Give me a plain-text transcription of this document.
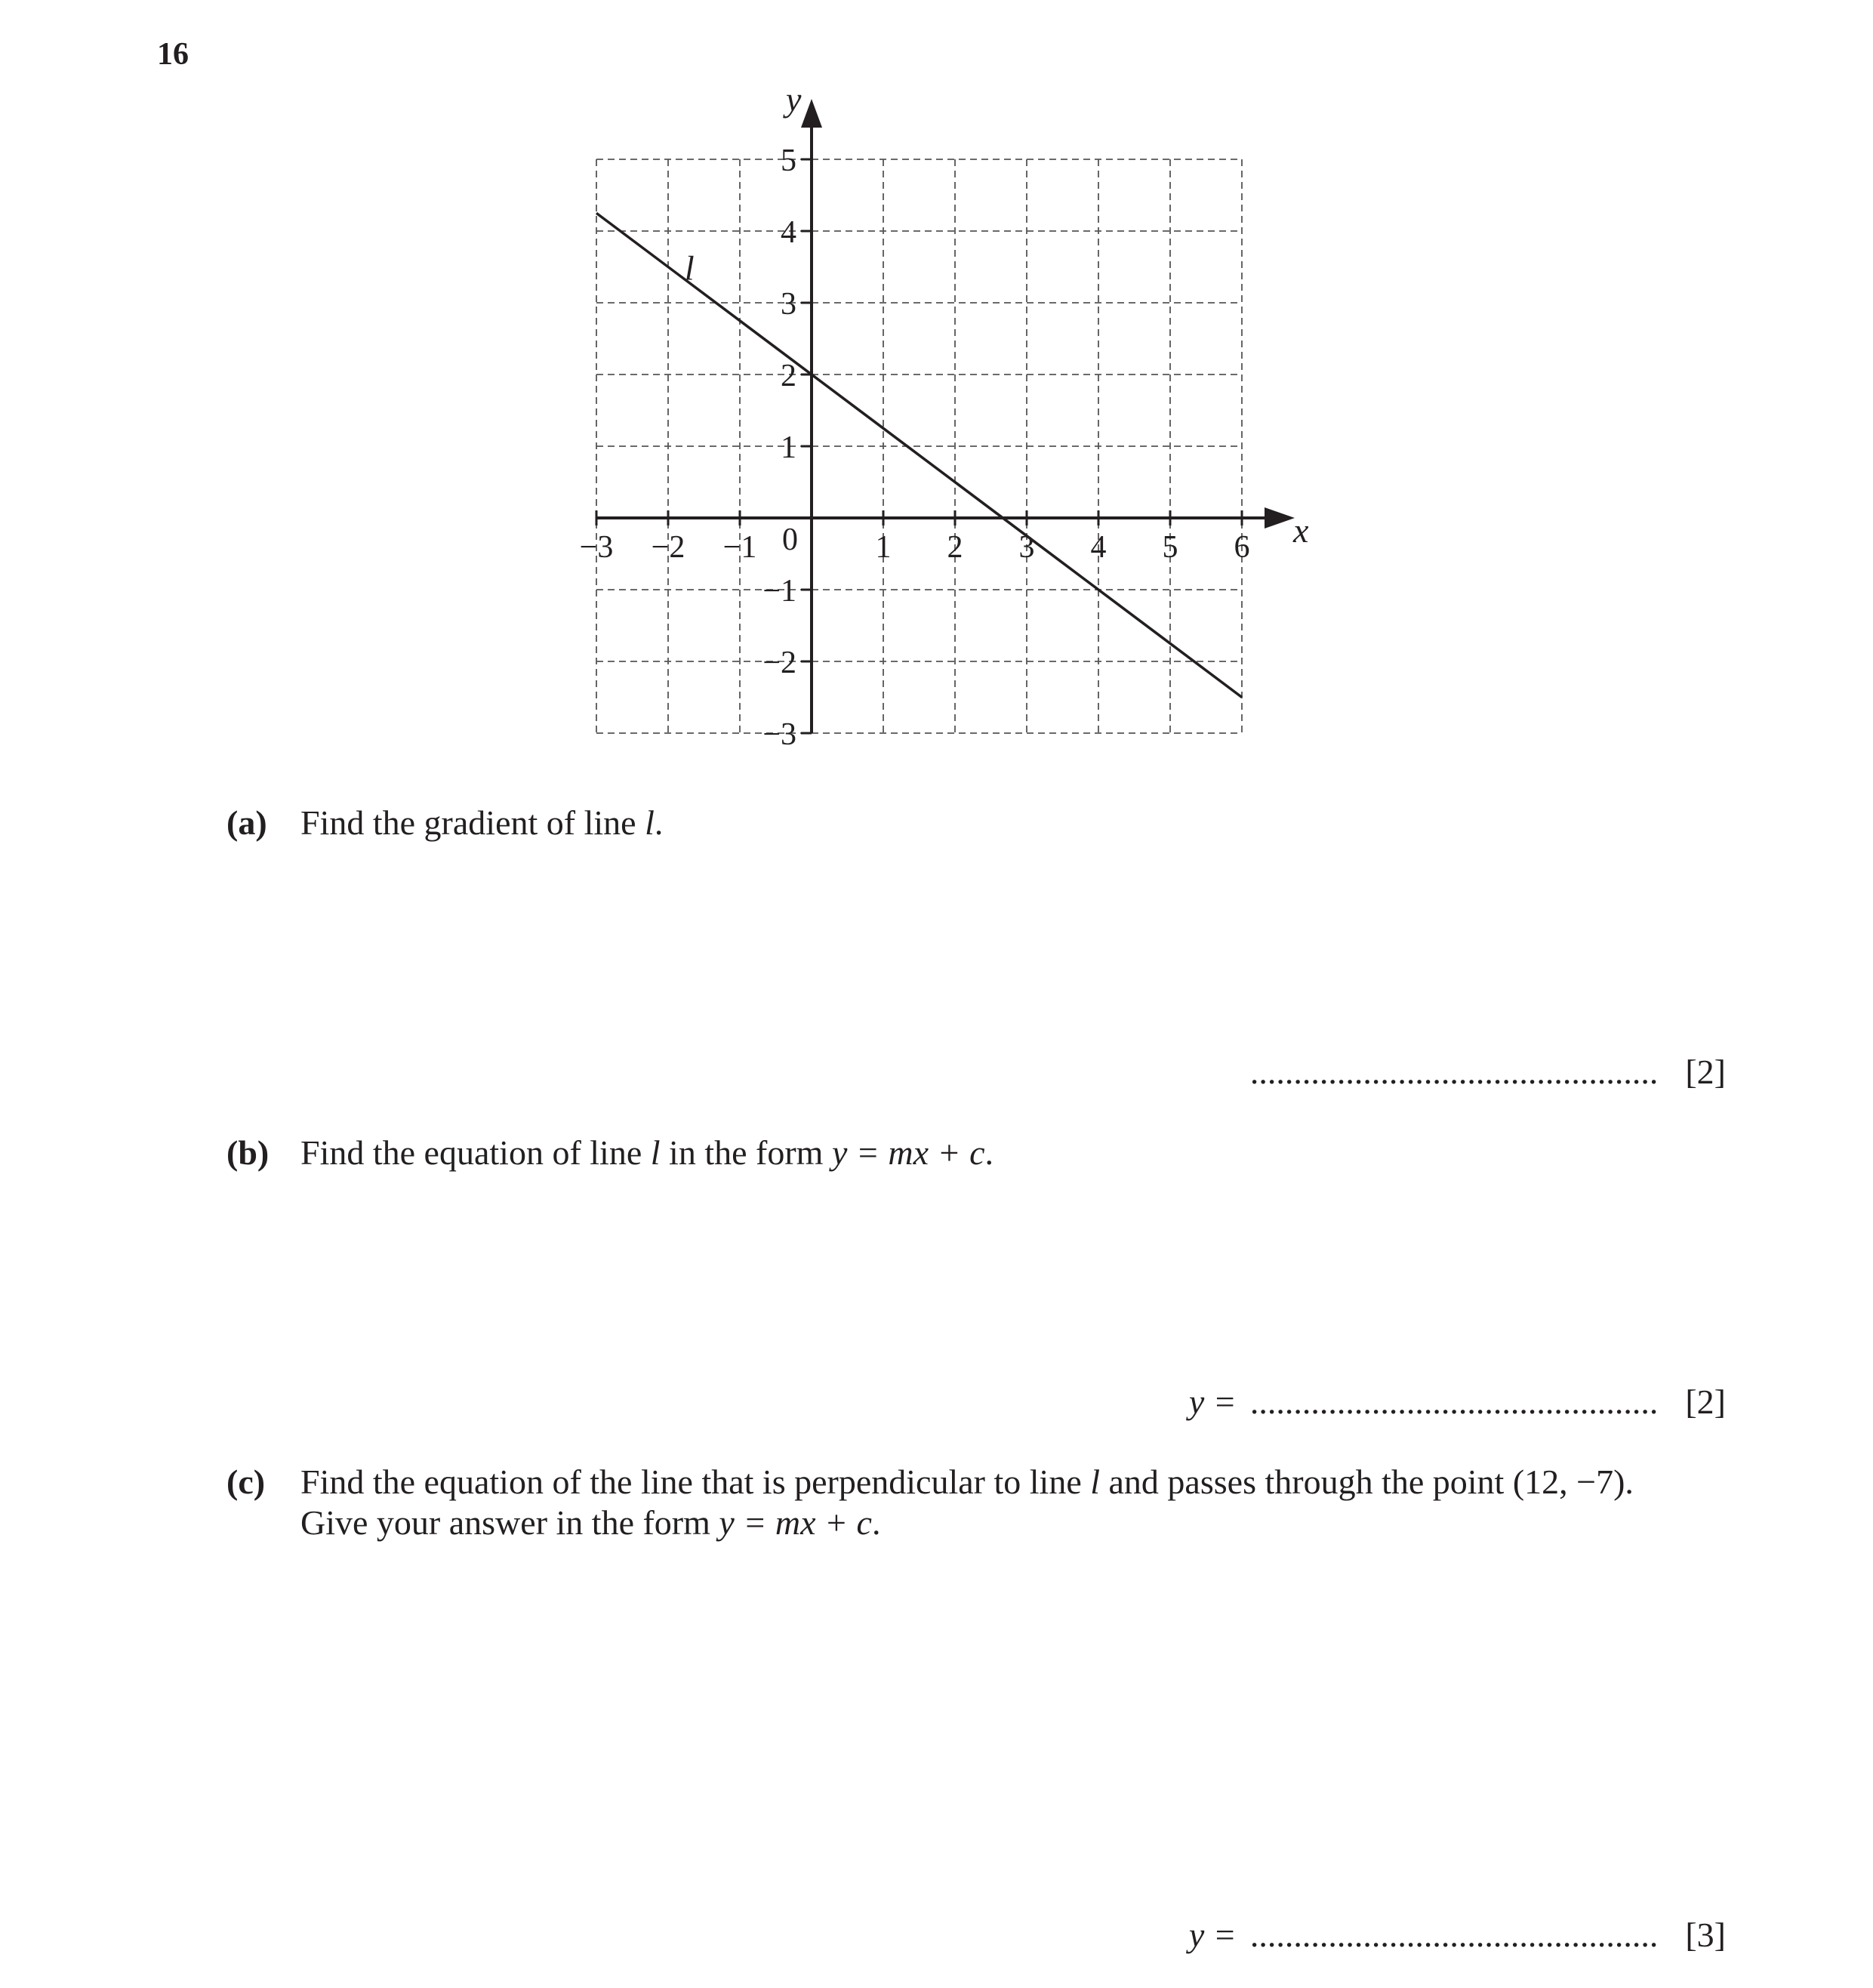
16
x
y
−3 −2 −1	1 2 3 4 5 6
5
4
3
2
1
−1
−2
−3
0
l
(a) Find the gradient of line l.
............................................... [2]
(b) Find the equation of line l in the form y = mx + c.
y = ............................................... [2]
(c) Find the equation of the line that is perpendicular to line l and passes through the point (12, −7).
Give your answer in the form y = mx + c.
y = ............................................... [3]
